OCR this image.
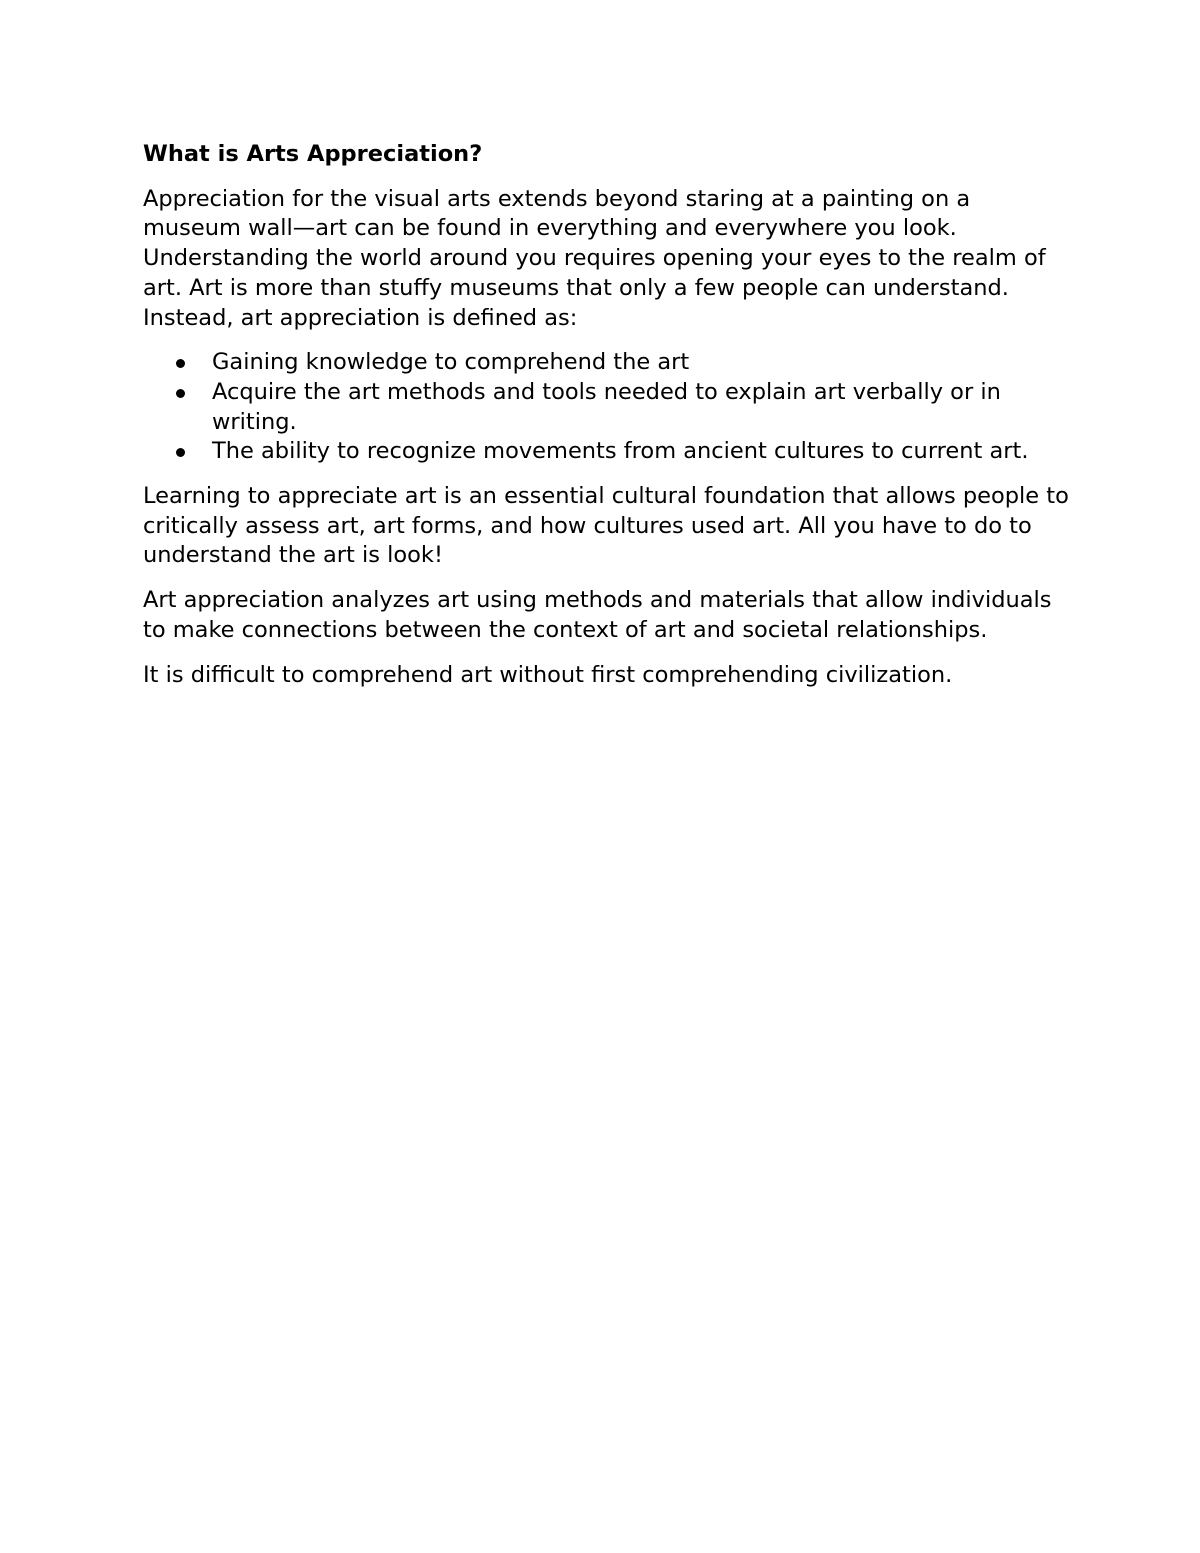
What is Arts Appreciation?

Appreciation for the visual arts extends beyond staring at a painting on a museum wall—art can be found in everything and everywhere you look. Understanding the world around you requires opening your eyes to the realm of art. Art is more than stuffy museums that only a few people can understand. Instead, art appreciation is defined as:

Gaining knowledge to comprehend the art
Acquire the art methods and tools needed to explain art verbally or in writing.
The ability to recognize movements from ancient cultures to current art.

Learning to appreciate art is an essential cultural foundation that allows people to critically assess art, art forms, and how cultures used art. All you have to do to understand the art is look!

Art appreciation analyzes art using methods and materials that allow individuals to make connections between the context of art and societal relationships.

It is difficult to comprehend art without first comprehending civilization.
